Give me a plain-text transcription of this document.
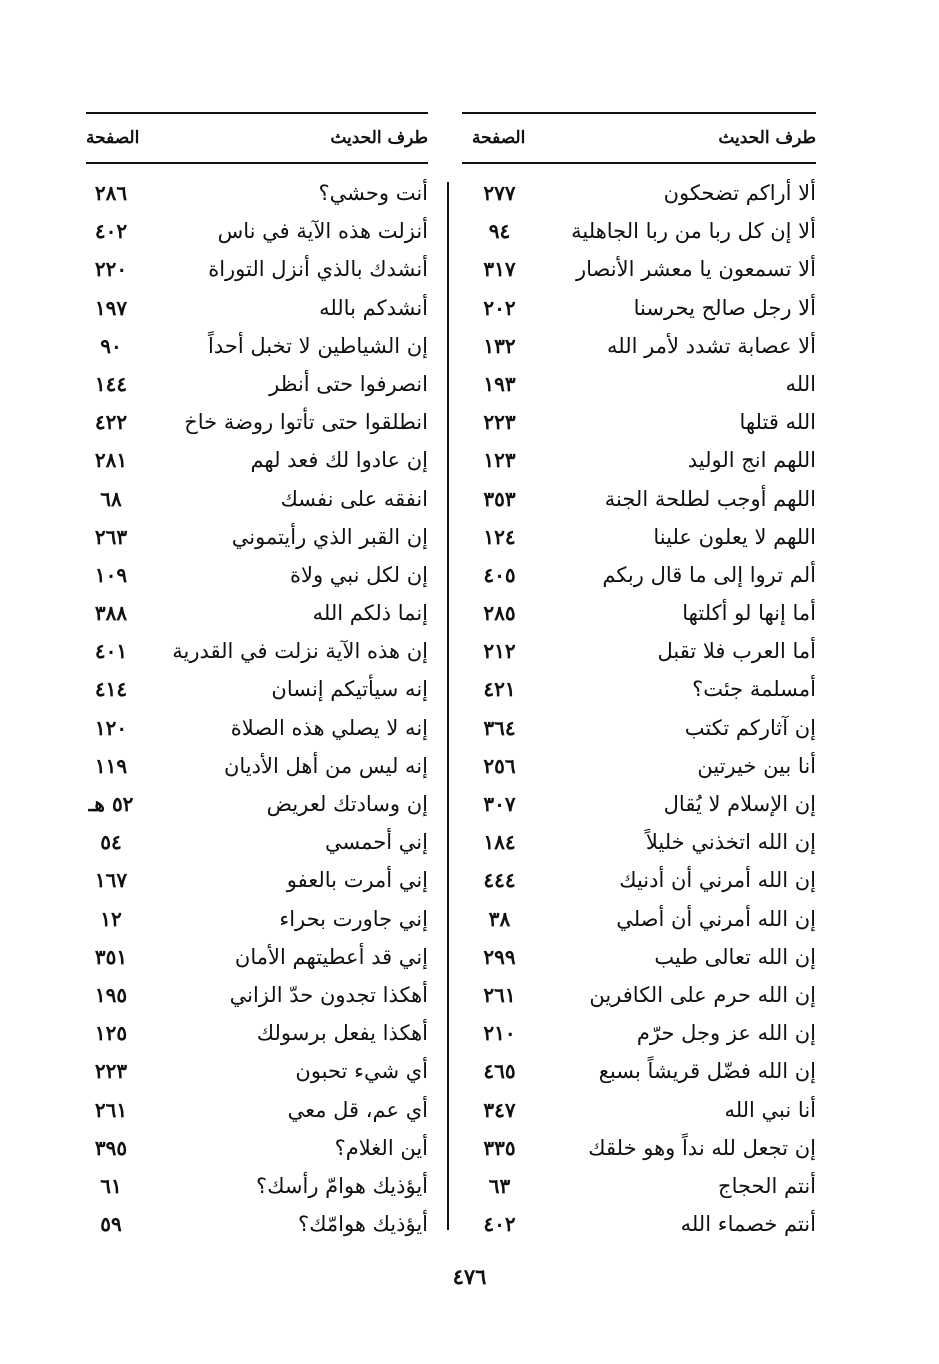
طرف الحديث
الصفحة
ألا أراكم تضحكون
٢٧٧
ألا إن كل ربا من ربا الجاهلية
٩٤
ألا تسمعون يا معشر الأنصار
٣١٧
ألا رجل صالح يحرسنا
٢٠٢
ألا عصابة تشدد لأمر الله
١٣٢
الله
١٩٣
الله قتلها
٢٢٣
اللهم انج الوليد
١٢٣
اللهم أوجب لطلحة الجنة
٣٥٣
اللهم لا يعلون علينا
١٢٤
ألم تروا إلى ما قال ربكم
٤٠٥
أما إنها لو أكلتها
٢٨٥
أما العرب فلا تقبل
٢١٢
أمسلمة جئت؟
٤٢١
إن آثاركم تكتب
٣٦٤
أنا بين خيرتين
٢٥٦
إن الإسلام لا يُقال
٣٠٧
إن الله اتخذني خليلاً
١٨٤
إن الله أمرني أن أدنيك
٤٤٤
إن الله أمرني أن أصلي
٣٨
إن الله تعالى طيب
٢٩٩
إن الله حرم على الكافرين
٢٦١
إن الله عز وجل حرّم
٢١٠
إن الله فضّل قريشاً بسبع
٤٦٥
أنا نبي الله
٣٤٧
إن تجعل لله نداً وهو خلقك
٣٣٥
أنتم الحجاج
٦٣
أنتم خصماء الله
٤٠٢
طرف الحديث
الصفحة
أنت وحشي؟
٢٨٦
أنزلت هذه الآية في ناس
٤٠٢
أنشدك بالذي أنزل التوراة
٢٢٠
أنشدكم بالله
١٩٧
إن الشياطين لا تخبل أحداً
٩٠
انصرفوا حتى أنظر
١٤٤
انطلقوا حتى تأتوا روضة خاخ
٤٢٢
إن عادوا لك فعد لهم
٢٨١
انفقه على نفسك
٦٨
إن القبر الذي رأيتموني
٢٦٣
إن لكل نبي ولاة
١٠٩
إنما ذلكم الله
٣٨٨
إن هذه الآية نزلت في القدرية
٤٠١
إنه سيأتيكم إنسان
٤١٤
إنه لا يصلي هذه الصلاة
١٢٠
إنه ليس من أهل الأديان
١١٩
إن وسادتك لعريض
٥٢ هـ
إني أحمسي
٥٤
إني أمرت بالعفو
١٦٧
إني جاورت بحراء
١٢
إني قد أعطيتهم الأمان
٣٥١
أهكذا تجدون حدّ الزاني
١٩٥
أهكذا يفعل برسولك
١٢٥
أي شيء تحبون
٢٢٣
أي عم، قل معي
٢٦١
أين الغلام؟
٣٩٥
أيؤذيك هوامّ رأسك؟
٦١
أيؤذيك هوامّك؟
٥٩
٤٧٦
